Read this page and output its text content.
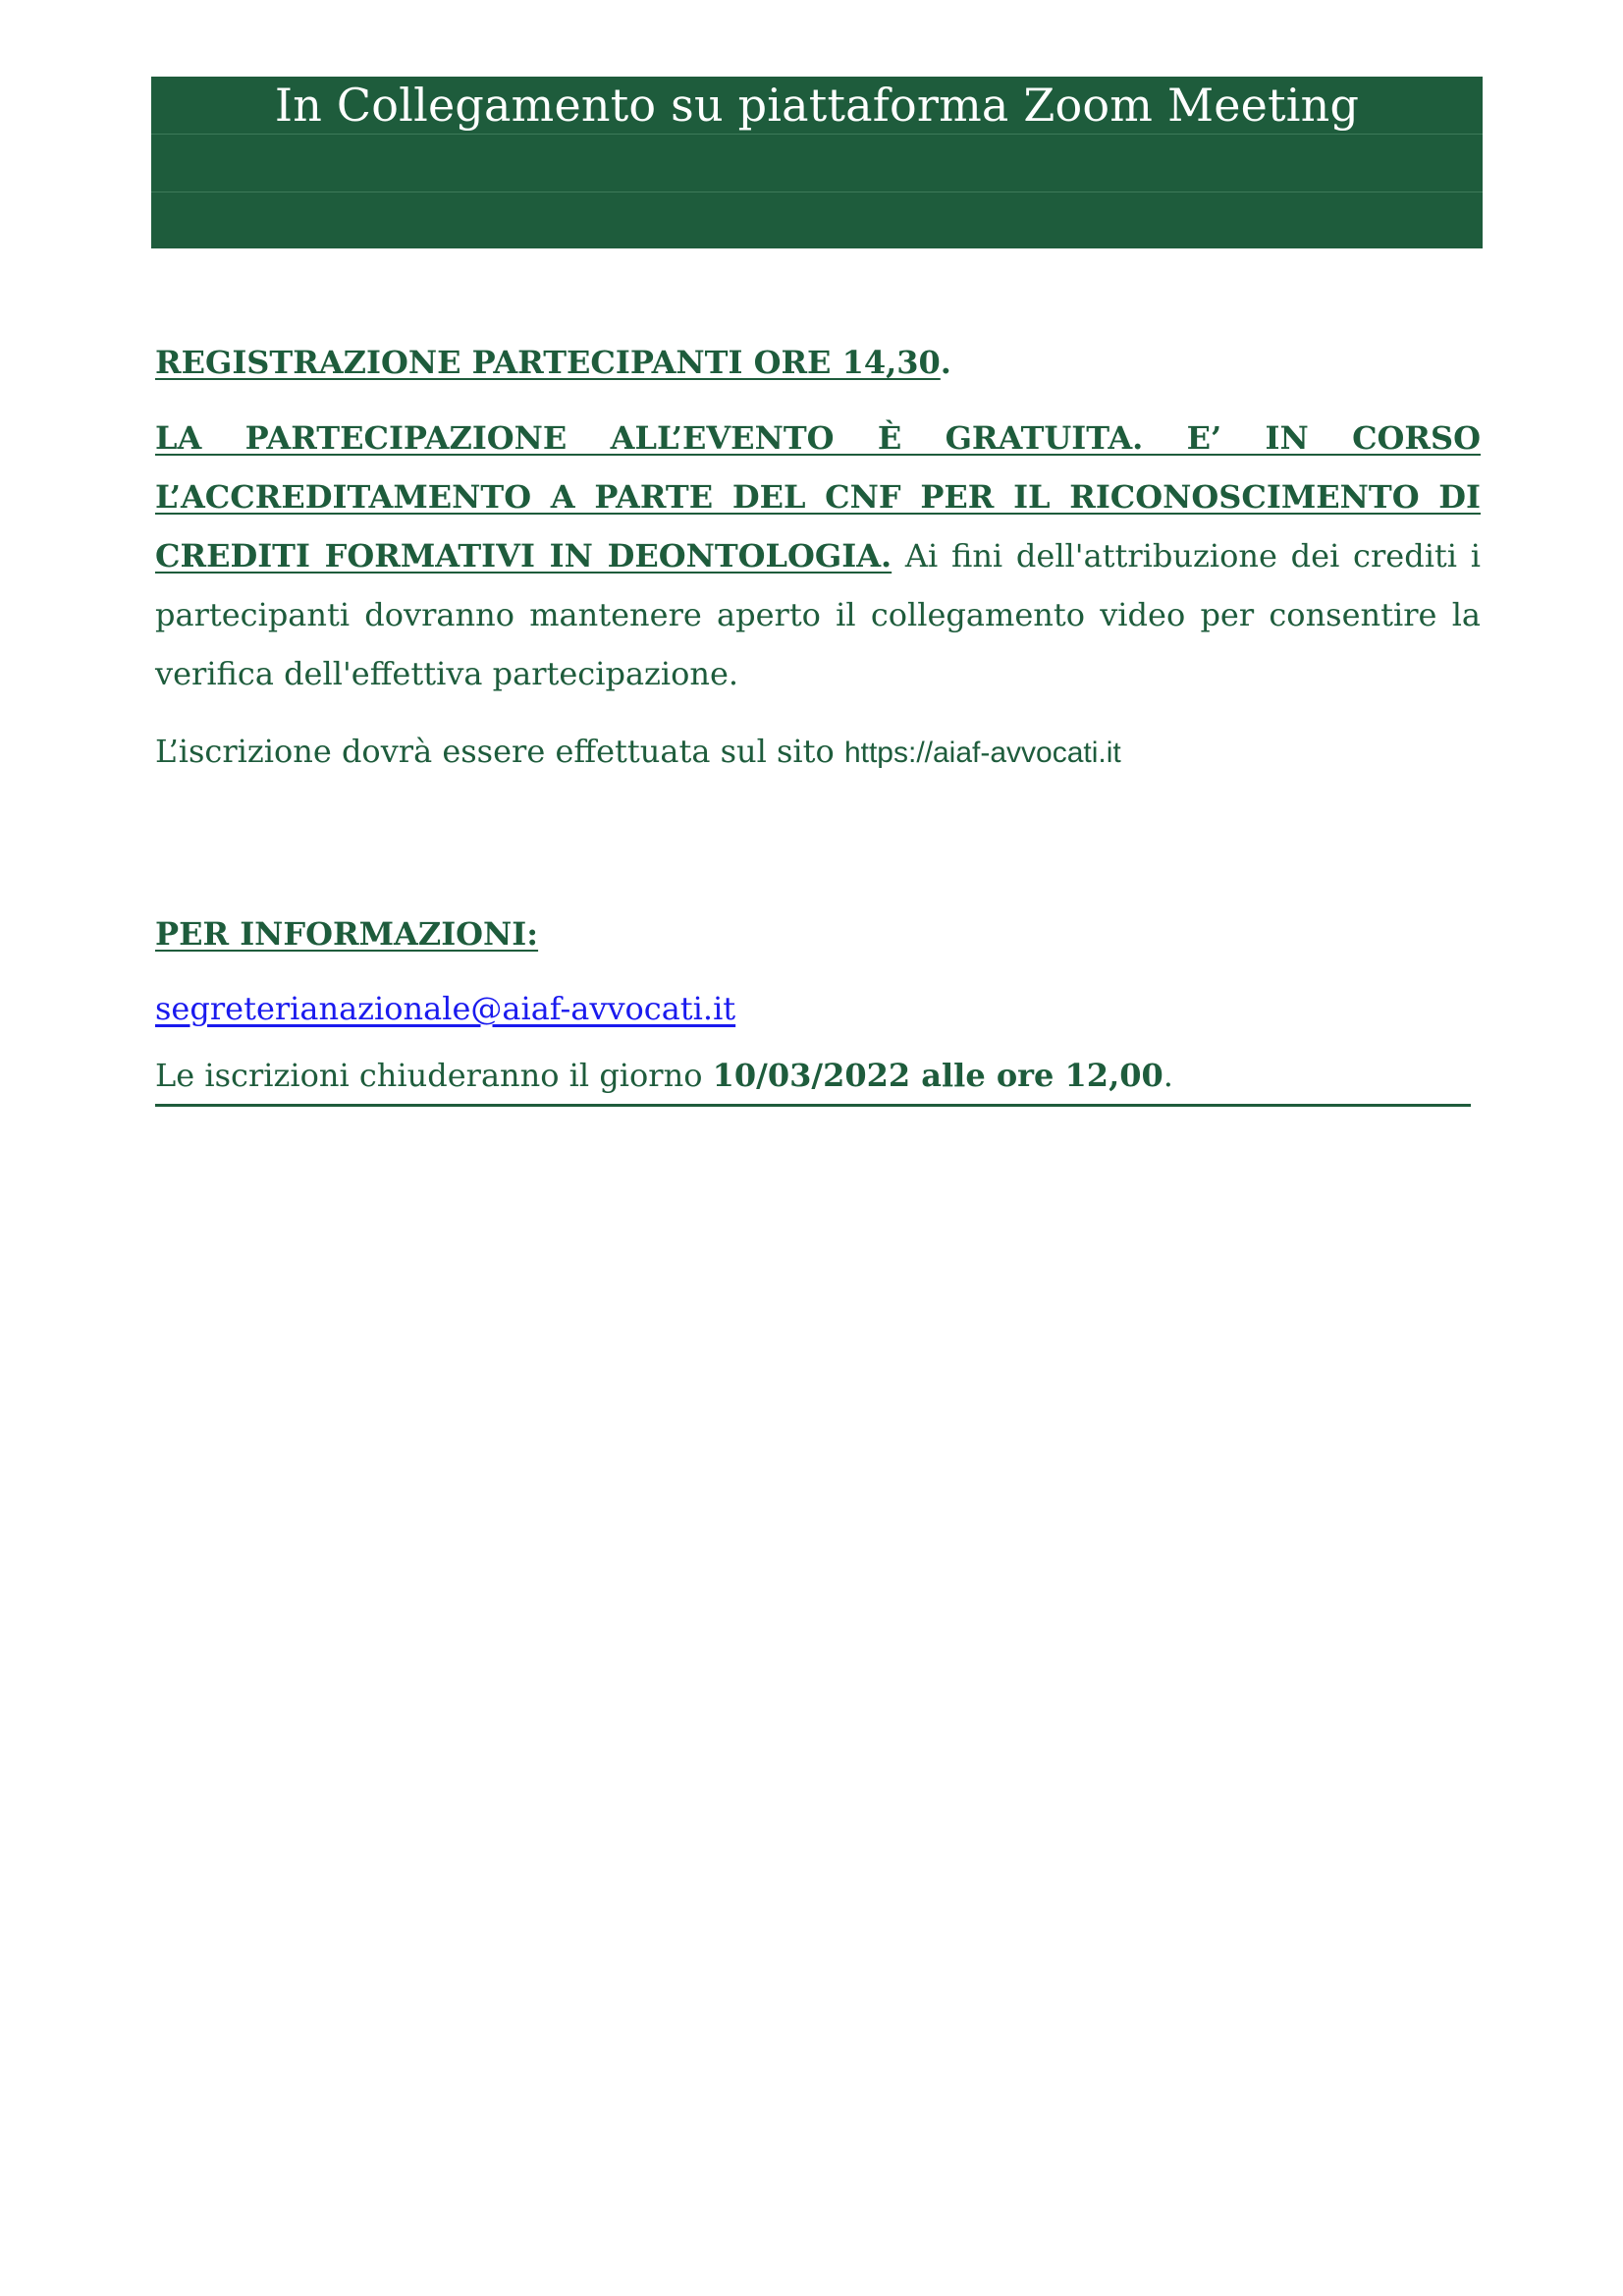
In Collegamento su piattaforma Zoom Meeting

REGISTRAZIONE PARTECIPANTI ORE 14,30.

LA PARTECIPAZIONE ALL’EVENTO È GRATUITA. E’ IN CORSO L’ACCREDITAMENTO A PARTE DEL CNF PER IL RICONOSCIMENTO DI CREDITI FORMATIVI IN DEONTOLOGIA. Ai fini dell'attribuzione dei crediti i partecipanti dovranno mantenere aperto il collegamento video per consentire la verifica dell'effettiva partecipazione.

L’iscrizione dovrà essere effettuata sul sito https://aiaf-avvocati.it

PER INFORMAZIONI:

segreterianazionale@aiaf-avvocati.it

Le iscrizioni chiuderanno il giorno 10/03/2022 alle ore 12,00.
